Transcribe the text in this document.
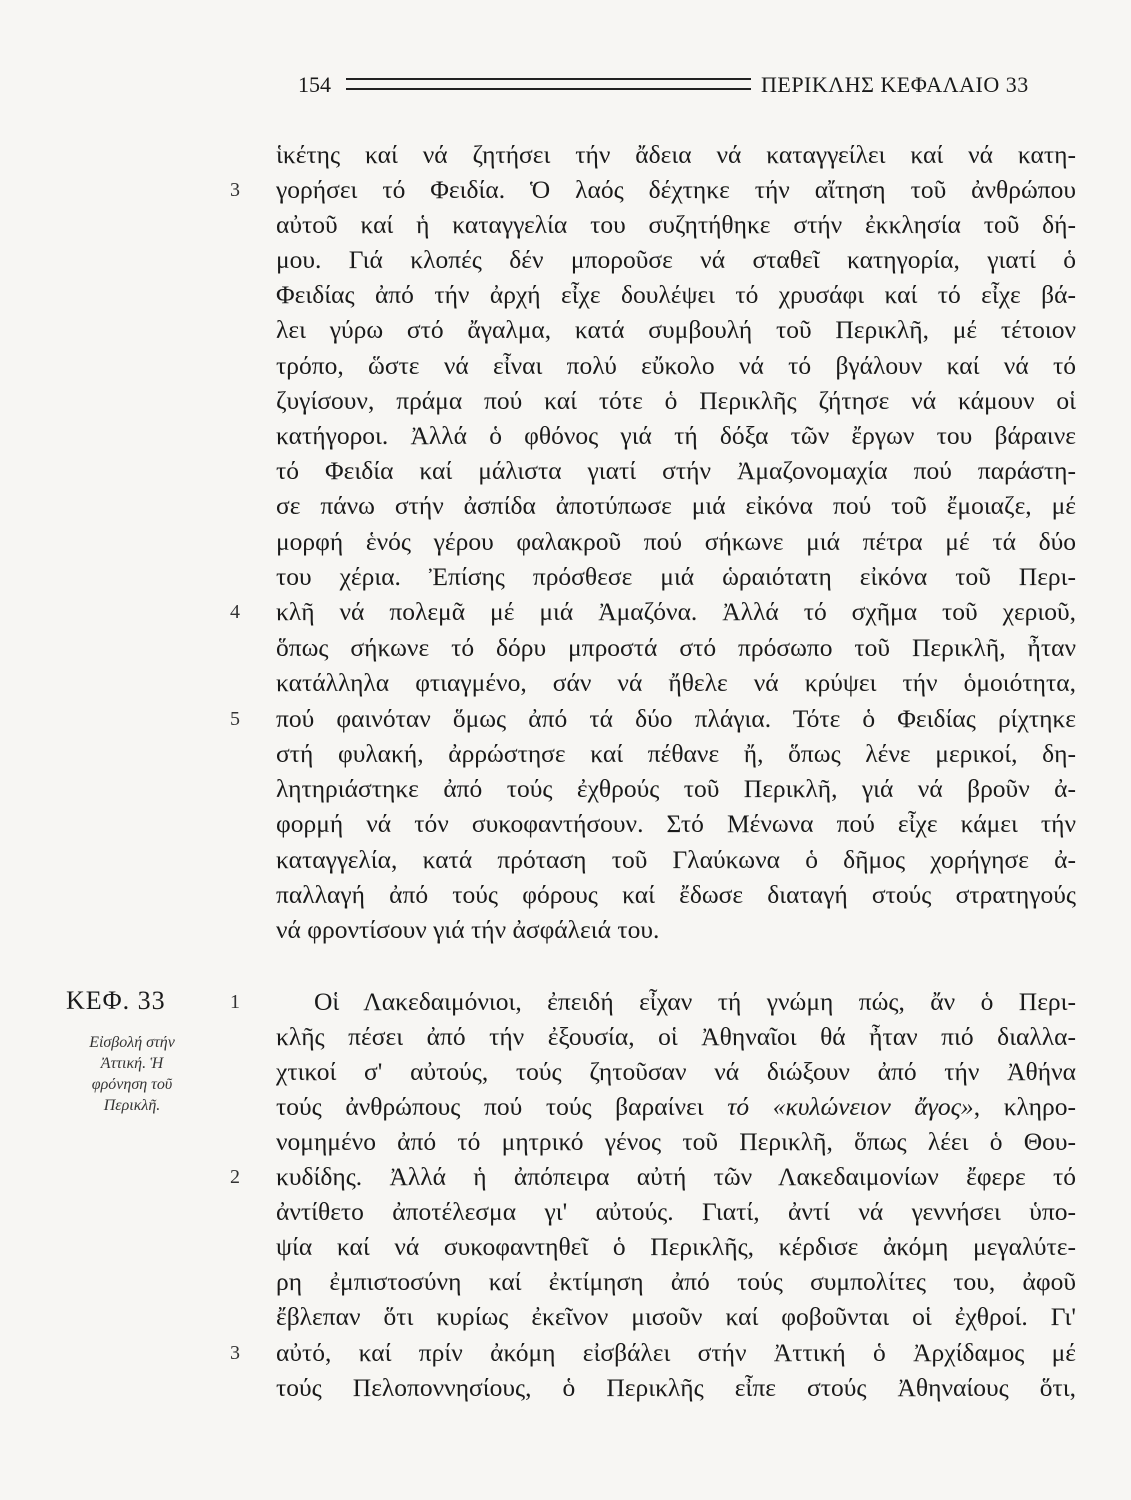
154	ΠΕΡΙΚΛΗΣ ΚΕΦΑΛΑΙΟ 33
3
4
5
1
2
3
ΚΕΦ. 33
Εἰσβολή στήν
Ἀττική. Ἡ
φρόνηση τοῦ
Περικλῆ.
ἱκέτης καί νά ζητήσει τήν ἄδεια νά καταγγείλει καί νά κατη-
γορήσει τό Φειδία. Ὁ λαός δέχτηκε τήν αἴτηση τοῦ ἀνθρώπου
αὐτοῦ καί ἡ καταγγελία του συζητήθηκε στήν ἐκκλησία τοῦ δή-
μου. Γιά κλοπές δέν μποροῦσε νά σταθεῖ κατηγορία, γιατί ὁ
Φειδίας ἀπό τήν ἀρχή εἶχε δουλέψει τό χρυσάφι καί τό εἶχε βά-
λει γύρω στό ἄγαλμα, κατά συμβουλή τοῦ Περικλῆ, μέ τέτοιον
τρόπο, ὥστε νά εἶναι πολύ εὔκολο νά τό βγάλουν καί νά τό
ζυγίσουν, πράμα πού καί τότε ὁ Περικλῆς ζήτησε νά κάμουν οἱ
κατήγοροι. Ἀλλά ὁ φθόνος γιά τή δόξα τῶν ἔργων του βάραινε
τό Φειδία καί μάλιστα γιατί στήν Ἀμαζονομαχία πού παράστη-
σε πάνω στήν ἀσπίδα ἀποτύπωσε μιά εἰκόνα πού τοῦ ἔμοιαζε, μέ
μορφή ἑνός γέρου φαλακροῦ πού σήκωνε μιά πέτρα μέ τά δύο
του χέρια. Ἐπίσης πρόσθεσε μιά ὡραιότατη εἰκόνα τοῦ Περι-
κλῆ νά πολεμᾶ μέ μιά Ἀμαζόνα. Ἀλλά τό σχῆμα τοῦ χεριοῦ,
ὅπως σήκωνε τό δόρυ μπροστά στό πρόσωπο τοῦ Περικλῆ, ἦταν
κατάλληλα φτιαγμένο, σάν νά ἤθελε νά κρύψει τήν ὁμοιότητα,
πού φαινόταν ὅμως ἀπό τά δύο πλάγια. Τότε ὁ Φειδίας ρίχτηκε
στή φυλακή, ἀρρώστησε καί πέθανε ἤ, ὅπως λένε μερικοί, δη-
λητηριάστηκε ἀπό τούς ἐχθρούς τοῦ Περικλῆ, γιά νά βροῦν ἀ-
φορμή νά τόν συκοφαντήσουν. Στό Μένωνα πού εἶχε κάμει τήν
καταγγελία, κατά πρόταση τοῦ Γλαύκωνα ὁ δῆμος χορήγησε ἀ-
παλλαγή ἀπό τούς φόρους καί ἔδωσε διαταγή στούς στρατηγούς
νά φροντίσουν γιά τήν ἀσφάλειά του.
Οἱ Λακεδαιμόνιοι, ἐπειδή εἶχαν τή γνώμη πώς, ἄν ὁ Περι-
κλῆς πέσει ἀπό τήν ἐξουσία, οἱ Ἀθηναῖοι θά ἦταν πιό διαλλα-
χτικοί σ' αὐτούς, τούς ζητοῦσαν νά διώξουν ἀπό τήν Ἀθήνα
τούς ἀνθρώπους πού τούς βαραίνει τό «κυλώνειον ἄγος», κληρο-
νομημένο ἀπό τό μητρικό γένος τοῦ Περικλῆ, ὅπως λέει ὁ Θου-
κυδίδης. Ἀλλά ἡ ἀπόπειρα αὐτή τῶν Λακεδαιμονίων ἔφερε τό
ἀντίθετο ἀποτέλεσμα γι' αὐτούς. Γιατί, ἀντί νά γεννήσει ὑπο-
ψία καί νά συκοφαντηθεῖ ὁ Περικλῆς, κέρδισε ἀκόμη μεγαλύτε-
ρη ἐμπιστοσύνη καί ἐκτίμηση ἀπό τούς συμπολίτες του, ἀφοῦ
ἔβλεπαν ὅτι κυρίως ἐκεῖνον μισοῦν καί φοβοῦνται οἱ ἐχθροί. Γι'
αὐτό, καί πρίν ἀκόμη εἰσβάλει στήν Ἀττική ὁ Ἀρχίδαμος μέ
τούς Πελοποννησίους, ὁ Περικλῆς εἶπε στούς Ἀθηναίους ὅτι,
